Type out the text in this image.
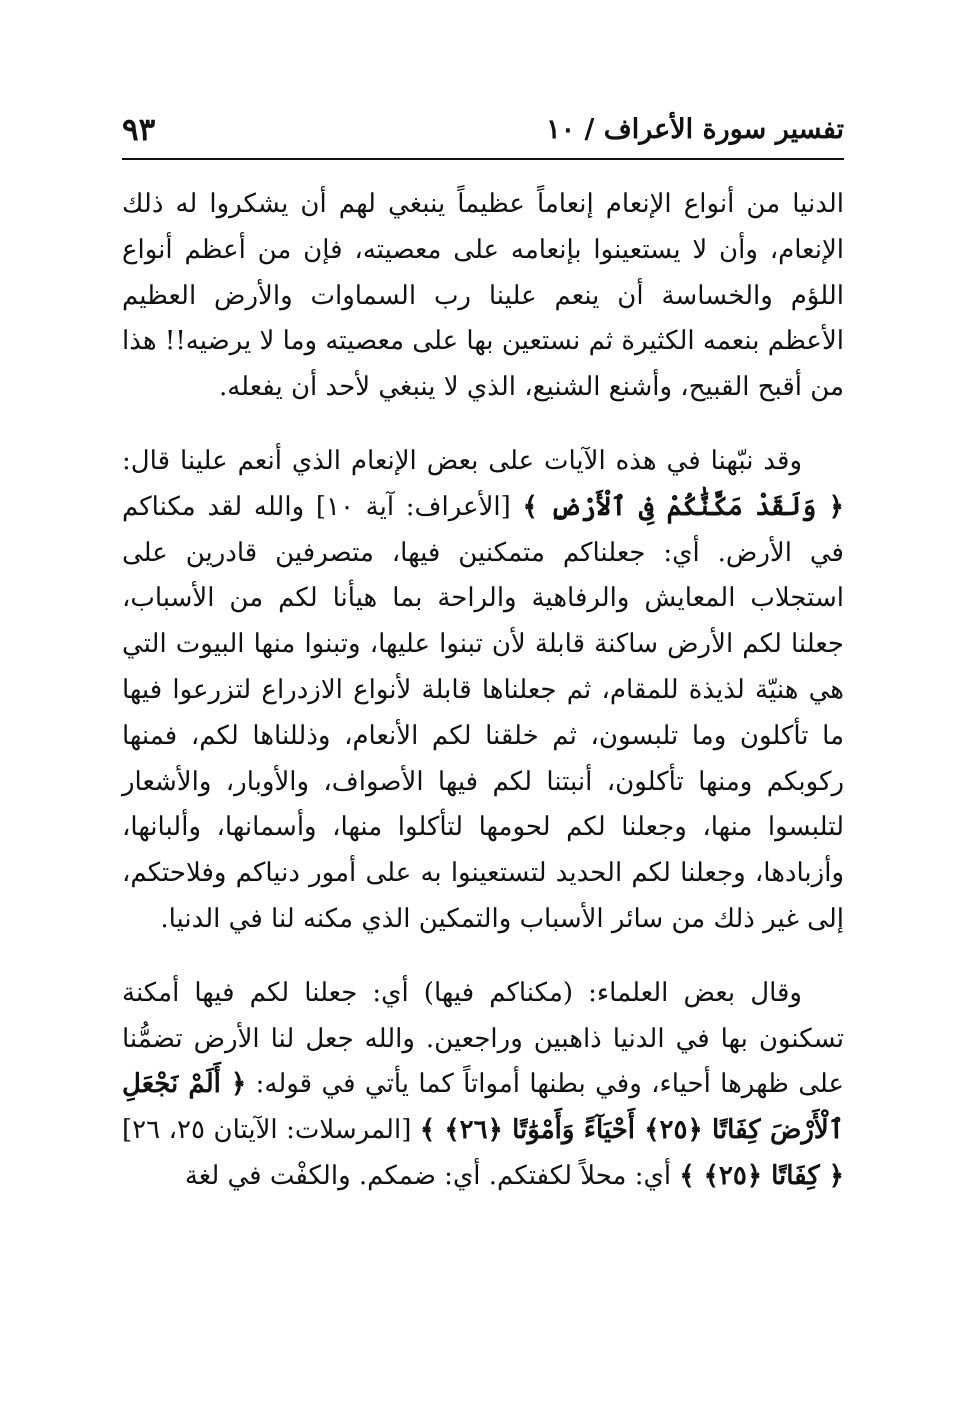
تفسير سورة الأعراف / ١٠
٩٣

الدنيا من أنواع الإنعام إنعاماً عظيماً ينبغي لهم أن يشكروا له ذلك الإنعام، وأن لا يستعينوا بإنعامه على معصيته، فإن من أعظم أنواع اللؤم والخساسة أن ينعم علينا رب السماوات والأرض العظيم الأعظم بنعمه الكثيرة ثم نستعين بها على معصيته وما لا يرضيه!! هذا من أقبح القبيح، وأشنع الشنيع، الذي لا ينبغي لأحد أن يفعله.

وقد نبّهنا في هذه الآيات على بعض الإنعام الذي أنعم علينا قال: ﴿ وَلَقَدْ مَكَّنَّٰكُمْ فِى ٱلْأَرْضِ ﴾ [الأعراف: آية ١٠] والله لقد مكناكم في الأرض. أي: جعلناكم متمكنين فيها، متصرفين قادرين على استجلاب المعايش والرفاهية والراحة بما هيأنا لكم من الأسباب، جعلنا لكم الأرض ساكنة قابلة لأن تبنوا عليها، وتبنوا منها البيوت التي هي هنيّة لذيذة للمقام، ثم جعلناها قابلة لأنواع الازدراع لتزرعوا فيها ما تأكلون وما تلبسون، ثم خلقنا لكم الأنعام، وذللناها لكم، فمنها ركوبكم ومنها تأكلون، أنبتنا لكم فيها الأصواف، والأوبار، والأشعار لتلبسوا منها، وجعلنا لكم لحومها لتأكلوا منها، وأسمانها، وألبانها، وأزبادها، وجعلنا لكم الحديد لتستعينوا به على أمور دنياكم وفلاحتكم، إلى غير ذلك من سائر الأسباب والتمكين الذي مكنه لنا في الدنيا.

وقال بعض العلماء: (مكناكم فيها) أي: جعلنا لكم فيها أمكنة تسكنون بها في الدنيا ذاهبين وراجعين. والله جعل لنا الأرض تضمُّنا على ظهرها أحياء، وفي بطنها أمواتاً كما يأتي في قوله: ﴿ أَلَمْ نَجْعَلِ ٱلْأَرْضَ كِفَاتًا ﴿٢٥﴾ أَحْيَآءً وَأَمْوَٰتًا ﴿٢٦﴾ ﴾ [المرسلات: الآيتان ٢٥، ٢٦] ﴿ كِفَاتًا ﴿٢٥﴾ ﴾ أي: محلاً لكفتكم. أي: ضمكم. والكفْت في لغة
